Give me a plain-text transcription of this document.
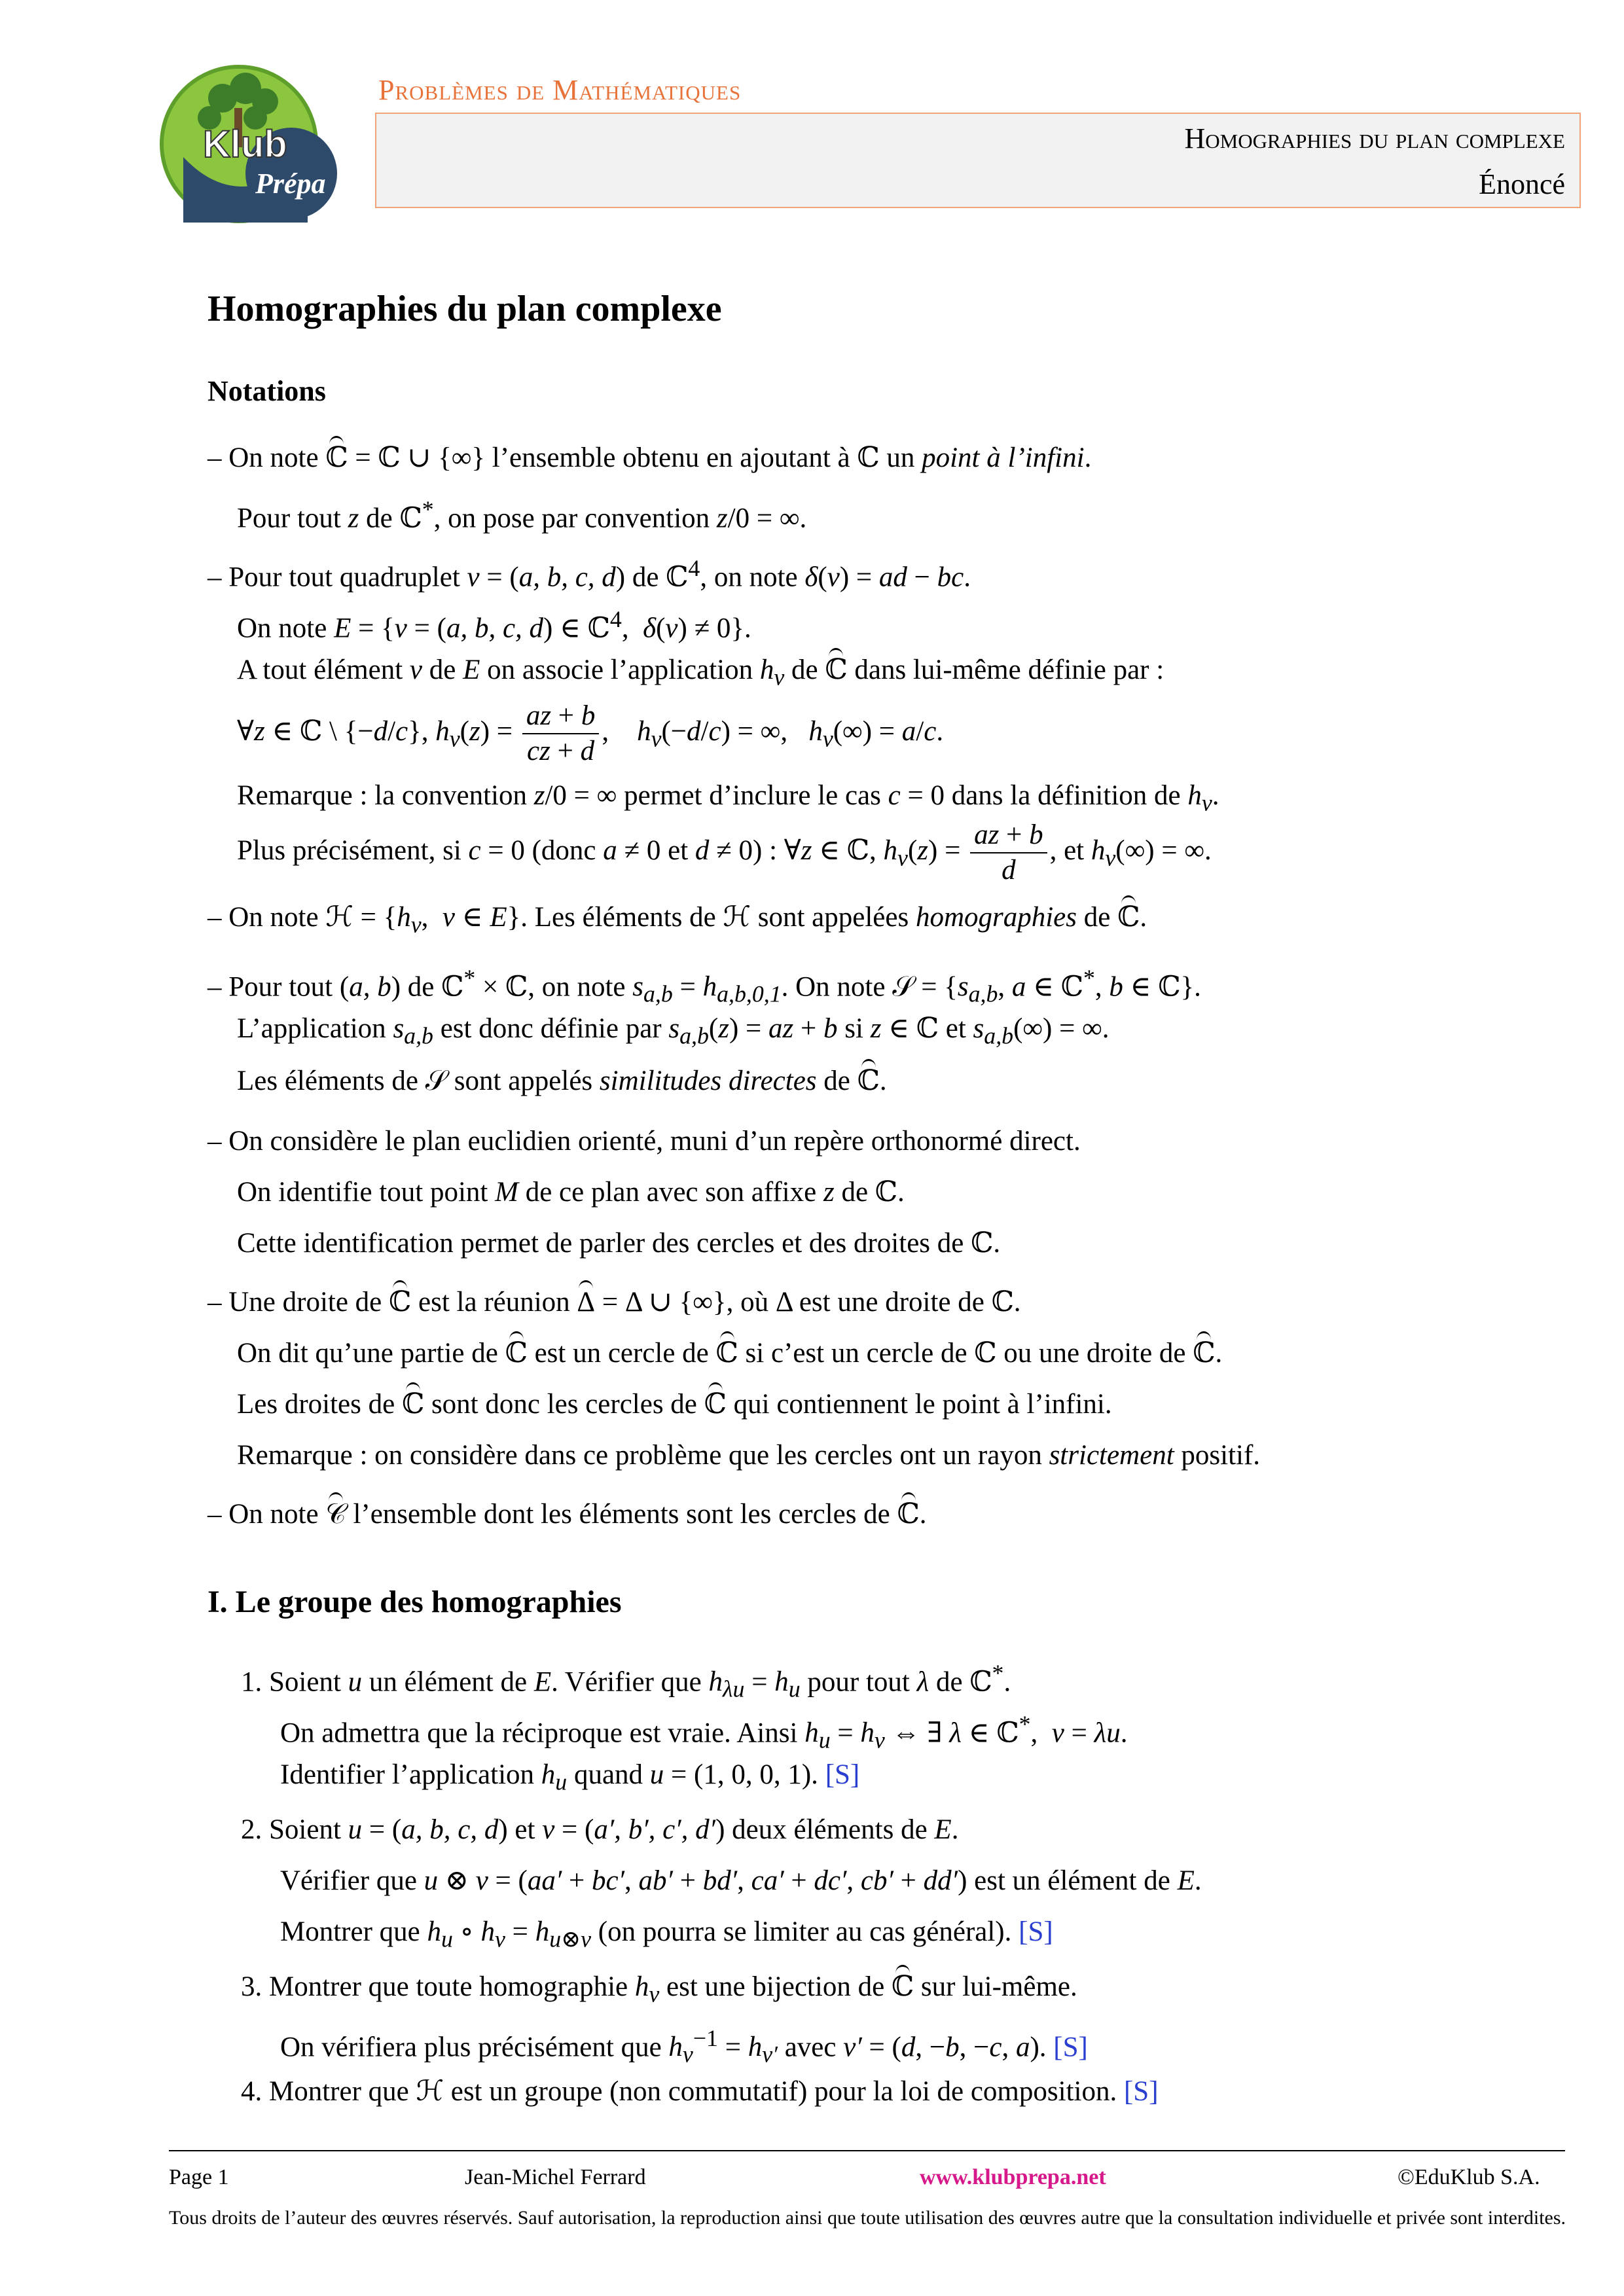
Klub
Prépa
Problèmes de Mathématiques
Homographies du plan complexe
Énoncé
Homographies du plan complexe
Notations
– On note ℂ = ℂ ∪ {∞} l’ensemble obtenu en ajoutant à ℂ un point à l’infini.
Pour tout z de ℂ*, on pose par convention z/0 = ∞.
– Pour tout quadruplet v = (a, b, c, d) de ℂ$^4$, on note δ(v) = ad − bc.
On note E = {v = (a, b, c, d) ∈ ℂ$^4$,  δ(v) ≠ 0}.
A tout élément v de E on associe l’application $h_v$ de ℂ dans lui-même définie par :
∀z ∈ ℂ \ {−d/c}, $h_v(z) = \frac{az + b}{cz + d}$ ,    $h_v(-d/c)$ = ∞,   $h_v(\infty) = a/c$.
Remarque : la convention z/0 = ∞ permet d’inclure le cas c = 0 dans la définition de $h_v$.
Plus précisément, si c = 0 (donc a ≠ 0 et d ≠ 0) : ∀z ∈ ℂ, $h_v(z) = \frac{az + b}{d}$ , et $h_v(\infty)$ = ∞.
– On note ℋ = {$h_v$,  v ∈ E}. Les éléments de ℋ sont appelées homographies de ℂ.
– Pour tout (a, b) de ℂ* × ℂ, on note $s_{a,b} = h_{a,b,0,1}$. On note 𝒮 = {$s_{a,b}$, a ∈ ℂ*, b ∈ ℂ}.
L’application $s_{a,b}$ est donc définie par $s_{a,b}(z)$ = az + b si z ∈ ℂ et $s_{a,b}(\infty)$ = ∞.
Les éléments de 𝒮 sont appelés similitudes directes de ℂ.
– On considère le plan euclidien orienté, muni d’un repère orthonormé direct.
On identifie tout point M de ce plan avec son affixe z de ℂ.
Cette identification permet de parler des cercles et des droites de ℂ.
– Une droite de ℂ est la réunion Δ = Δ ∪ {∞}, où Δ est une droite de ℂ.
On dit qu’une partie de ℂ est un cercle de ℂ si c’est un cercle de ℂ ou une droite de ℂ.
Les droites de ℂ sont donc les cercles de ℂ qui contiennent le point à l’infini.
Remarque : on considère dans ce problème que les cercles ont un rayon strictement positif.
– On note 𝒞 l’ensemble dont les éléments sont les cercles de ℂ.
I. Le groupe des homographies
1. Soient u un élément de E. Vérifier que $h_{\lambda u} = h_u$ pour tout λ de ℂ*.
On admettra que la réciproque est vraie. Ainsi $h_u = h_v$ ⇔ ∃ λ ∈ ℂ*,  v = λu.
Identifier l’application $h_u$ quand u = (1, 0, 0, 1). [S]
2. Soient u = (a, b, c, d) et v = (a′, b′, c′, d′) deux éléments de E.
Vérifier que u ⊗ v = (aa′ + bc′, ab′ + bd′, ca′ + dc′, cb′ + dd′) est un élément de E.
Montrer que $h_u$ ∘ $h_v = h_{u\otimes v}$ (on pourra se limiter au cas général). [S]
3. Montrer que toute homographie $h_v$ est une bijection de ℂ sur lui-même.
On vérifiera plus précisément que $h_v^{-1} = h_{v'}$ avec v′ = (d, −b, −c, a). [S]
4. Montrer que ℋ est un groupe (non commutatif) pour la loi de composition. [S]
Page 1	Jean-Michel Ferrard	www.klubprepa.net	©EduKlub S.A.
Tous droits de l’auteur des œuvres réservés. Sauf autorisation, la reproduction ainsi que toute utilisation des œuvres autre que la consultation individuelle et privée sont interdites.
